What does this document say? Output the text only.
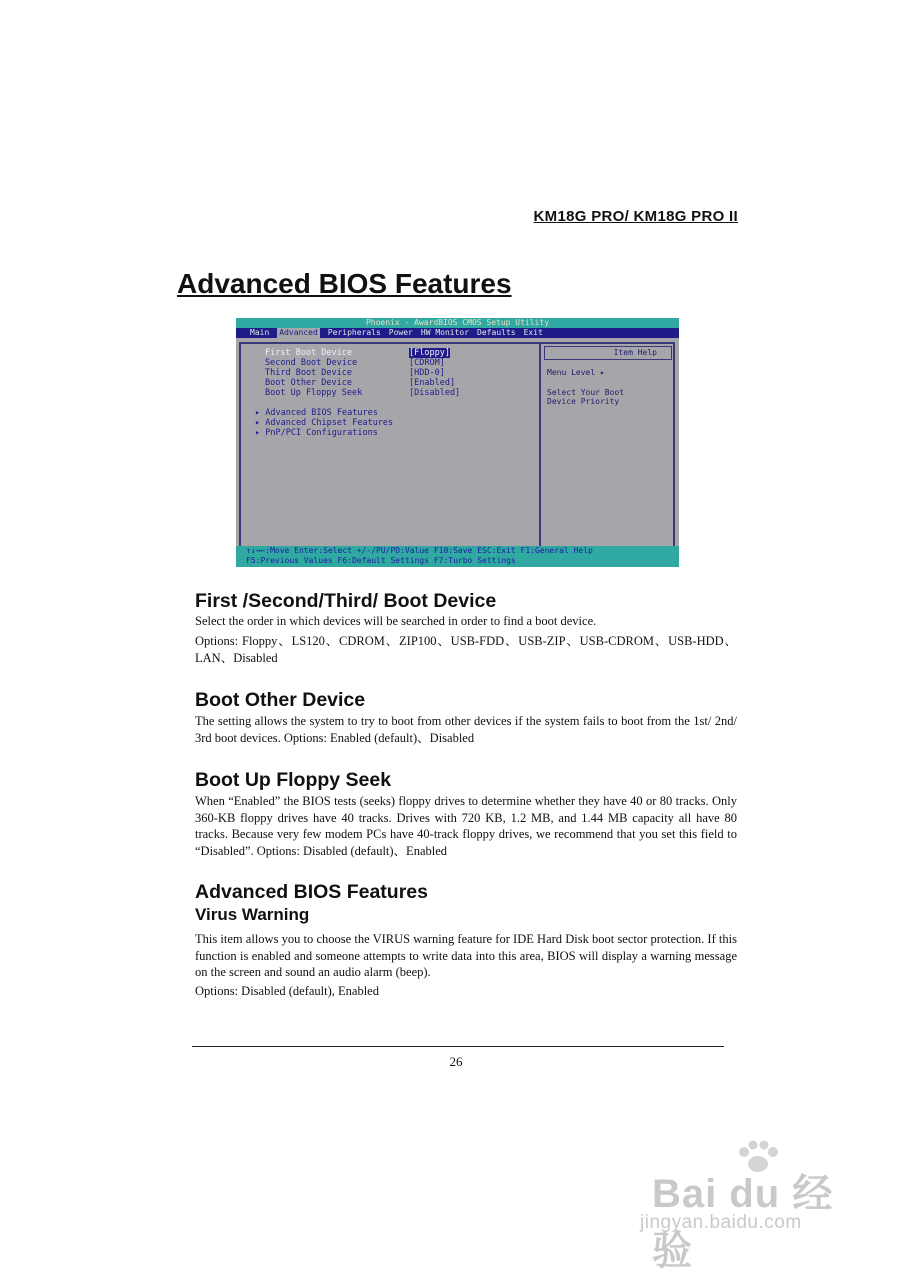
KM18G PRO/ KM18G PRO II
Advanced BIOS Features
Phoenix - AwardBIOS CMOS Setup Utility
Main Advanced Peripherals Power HW Monitor Defaults Exit
First Boot Device	[Floppy]
Second Boot Device	[CDROM]
Third Boot Device	[HDD-0]
Boot Other Device	[Enabled]
Boot Up Floppy Seek	[Disabled]
▸ Advanced BIOS Features
▸ Advanced Chipset Features
▸ PnP/PCI Configurations
Item Help
Menu Level ▸
Select Your Boot
Device Priority
↑↓→←:Move Enter:Select +/-/PU/PD:Value F10:Save ESC:Exit F1:General Help
F5:Previous Values F6:Default Settings F7:Turbo Settings
First /Second/Third/ Boot Device

Select the order in which devices will be searched in order to find a boot device.

Options: Floppy、LS120、CDROM、ZIP100、USB-FDD、USB-ZIP、USB-CDROM、USB-HDD、LAN、Disabled

Boot Other Device

The setting allows the system to try to boot from other devices if the system fails to boot from the 1st/ 2nd/ 3rd boot devices. Options: Enabled (default)、Disabled

Boot Up Floppy Seek

When “Enabled” the BIOS tests (seeks) floppy drives to determine whether they have 40 or 80 tracks. Only 360-KB floppy drives have 40 tracks. Drives with 720 KB, 1.2 MB, and 1.44 MB capacity all have 80 tracks. Because very few modem PCs have 40-track floppy drives, we recommend that you set this field to “Disabled”. Options: Disabled (default)、Enabled

Advanced BIOS Features
Virus Warning

This item allows you to choose the VIRUS warning feature for IDE Hard Disk boot sector protection. If this function is enabled and someone attempts to write data into this area, BIOS will display a warning message on the screen and sound an audio alarm (beep).

Options: Disabled (default), Enabled

26
Bai du 经验
jingyan.baidu.com
